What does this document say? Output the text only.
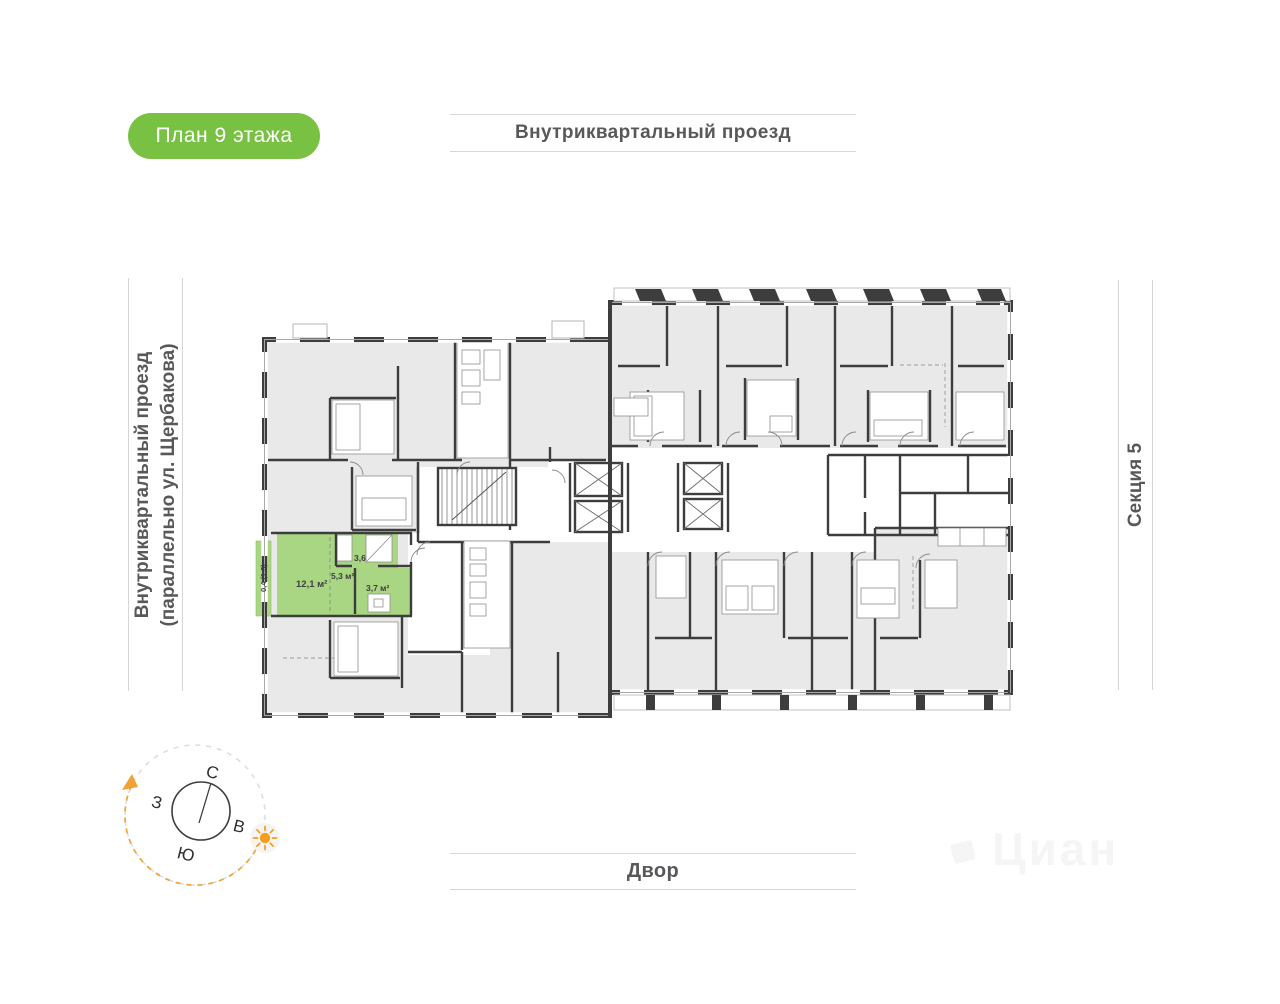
План 9 этажа	Внутриквартальный проезд
Двор
Внутриквартальный проезд (параллельно ул. Щербакова)	Секция 5
12,1 м²
5,3 м²
3,6
3,7 м²
0,4 (1,3)
С
З
В
Ю	Циан
